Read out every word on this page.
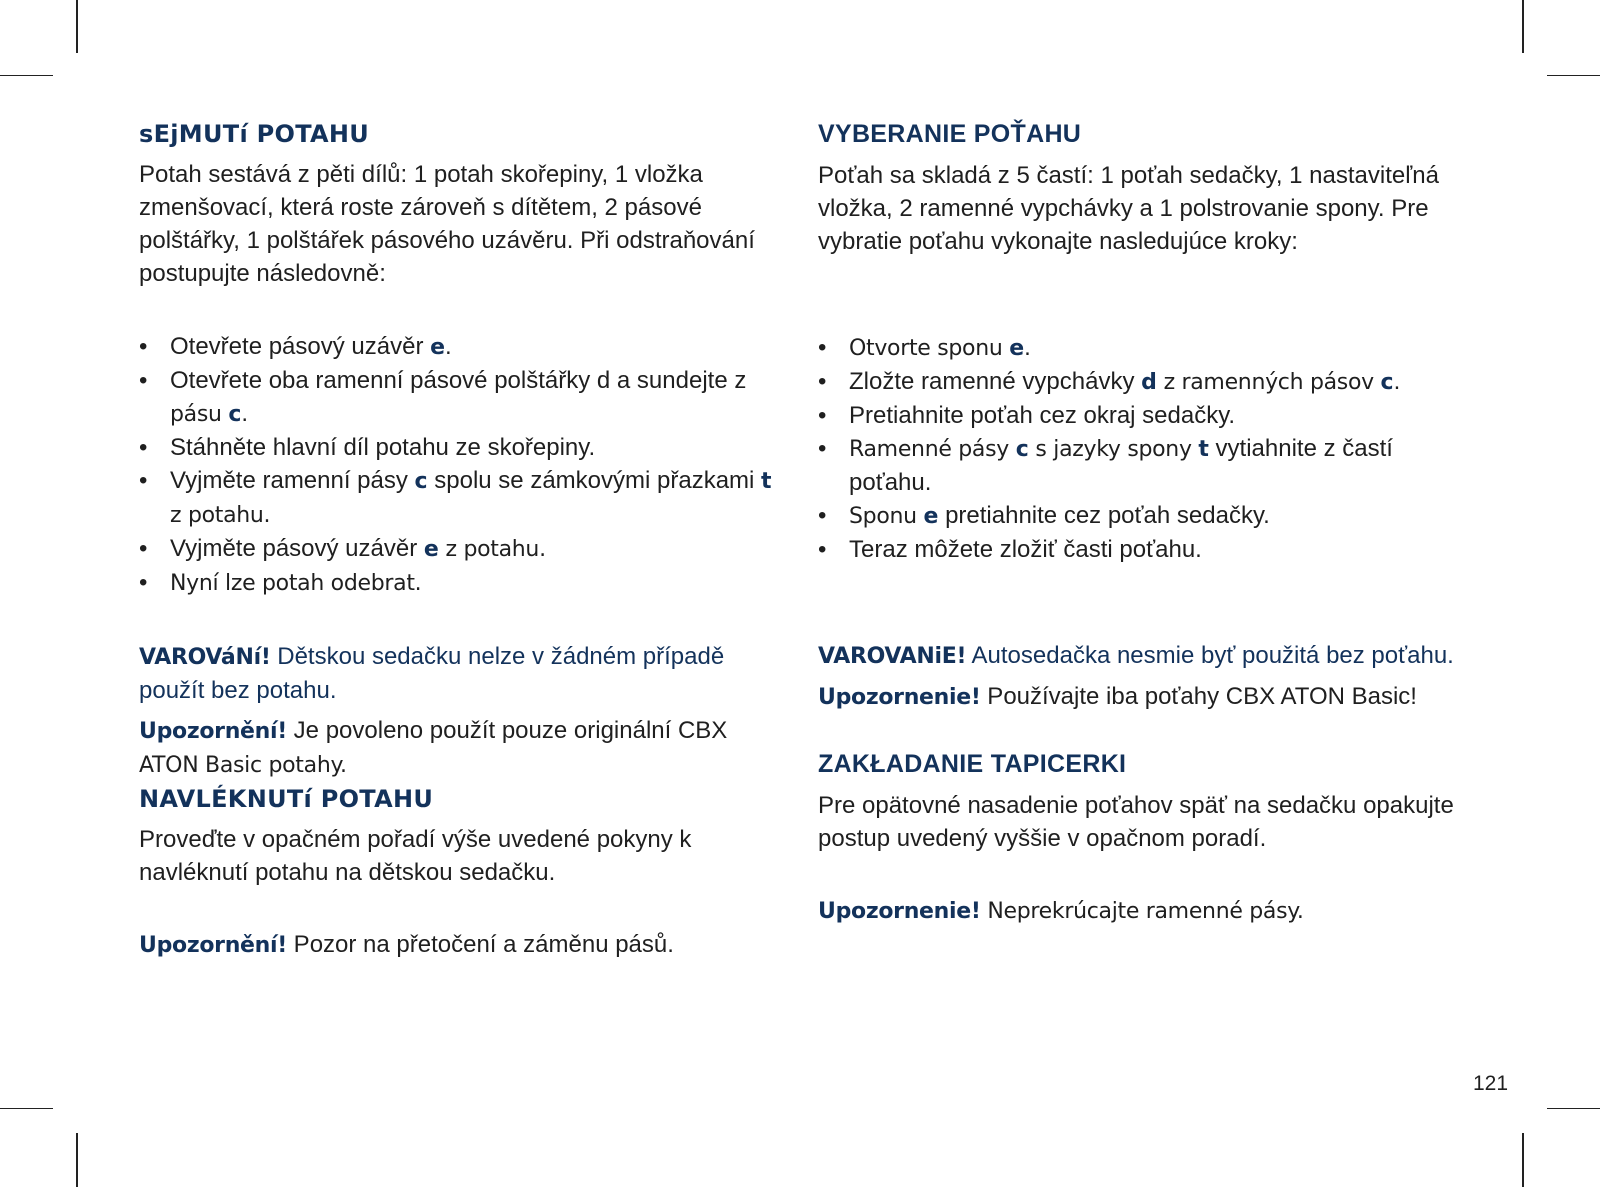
sEjMUTí POTAHU

Potah sestává z pěti dílů: 1 potah skořepiny, 1 vložka zmenšovací, která roste zároveň s dítětem, 2 pásové polštářky, 1 polštářek pásového uzávěru. Při odstraňování postupujte následovně:

• Otevřete pásový uzávěr e.
• Otevřete oba ramenní pásové polštářky d a sundejte z pásu c.
• Stáhněte hlavní díl potahu ze skořepiny.
• Vyjměte ramenní pásy c spolu se zámkovými přazkami t z potahu.
• Vyjměte pásový uzávěr e z potahu.
• Nyní lze potah odebrat.

VAROVáNí! Dětskou sedačku nelze v žádném případě použít bez potahu.

Upozornění! Je povoleno použít pouze originální CBX ATON Basic potahy.

NAVLÉKNUTí POTAHU

Proveďte v opačném pořadí výše uvedené pokyny k navléknutí potahu na dětskou sedačku.

Upozornění! Pozor na přetočení a záměnu pásů.

VYBERANIE POŤAHU

Poťah sa skladá z 5 častí: 1 poťah sedačky, 1 nastaviteľná vložka, 2 ramenné vypchávky a 1 polstrovanie spony. Pre vybratie poťahu vykonajte nasledujúce kroky:

• Otvorte sponu e.
• Zložte ramenné vypchávky d z ramenných pásov c.
• Pretiahnite poťah cez okraj sedačky.
• Ramenné pásy c s jazyky spony t vytiahnite z častí poťahu.
• Sponu e pretiahnite cez poťah sedačky.
• Teraz môžete zložiť časti poťahu.

VAROVANiE! Autosedačka nesmie byť použitá bez poťahu.

Upozornenie! Používajte iba poťahy CBX ATON Basic!

ZAKŁADANIE TAPICERKI

Pre opätovné nasadenie poťahov späť na sedačku opakujte postup uvedený vyššie v opačnom poradí.

Upozornenie! Neprekrúcajte ramenné pásy.

121
